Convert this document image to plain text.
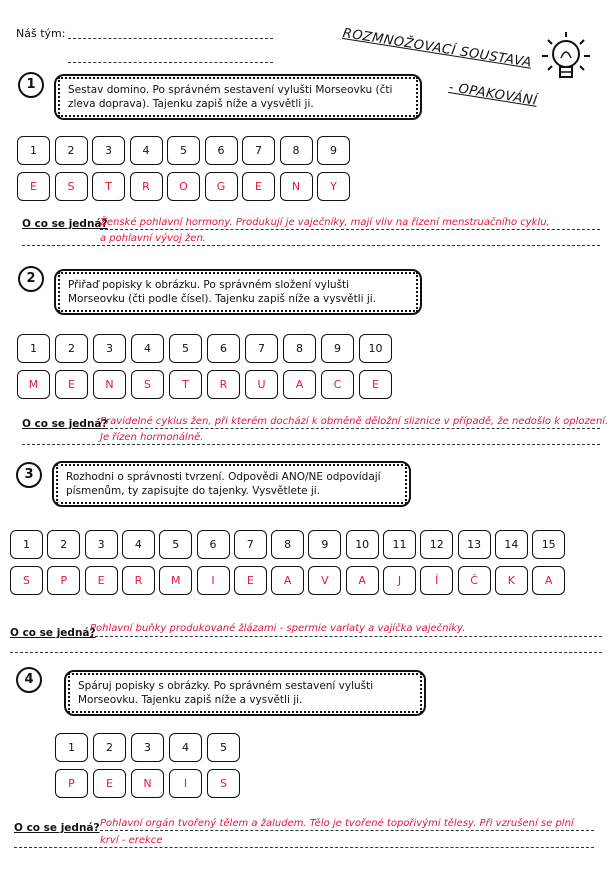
Náš tým:	ROZMNOŽOVACÍ SOUSTAVA
- OPAKOVÁNÍ
1	Sestav domino. Po správném sestavení vylušti Morseovku (čti zleva doprava). Tajenku zapiš níže a vysvětli ji.
1	2	3	4	5	6	7	8	9
E	S	T	R	O	G	E	N	Y
O co se jedná?
Ženské pohlavní hormony. Produkují je vaječníky, mají vliv na řízení menstruačního cyklu,
a pohlavní vývoj žen.
2	Přiřaď popisky k obrázku. Po správném složení vylušti Morseovku (čti podle čísel). Tajenku zapiš níže a vysvětli ji.
1	2	3	4	5	6	7	8	9	10
M	E	N	S	T	R	U	A	C	E
O co se jedná?
Pravidelné cyklus žen, při kterém dochází k obměně děložní sliznice v případě, že nedošlo k oplození.
Je řízen hormonálně.
3	Rozhodni o správnosti tvrzení. Odpovědi ANO/NE odpovídají písmenům, ty zapisujte do tajenky. Vysvětlete ji.
1	2	3	4	5	6	7	8	9	10	11	12	13	14	15
S	P	E	R	M	I	E	A	V	A	J	Í	Č	K	A
O co se jedná?
Pohlavní buňky produkované žlázami - spermie varlaty a vajíčka vaječníky.
4	Spáruj popisky s obrázky. Po správném sestavení vylušti Morseovku. Tajenku zapiš níže a vysvětli ji.
1	2	3	4	5
P	E	N	I	S
O co se jedná? Pohlavní orgán tvořený tělem a žaludem. Tělo je tvořené topořivými tělesy. Při vzrušení se plní
krví - erekce
